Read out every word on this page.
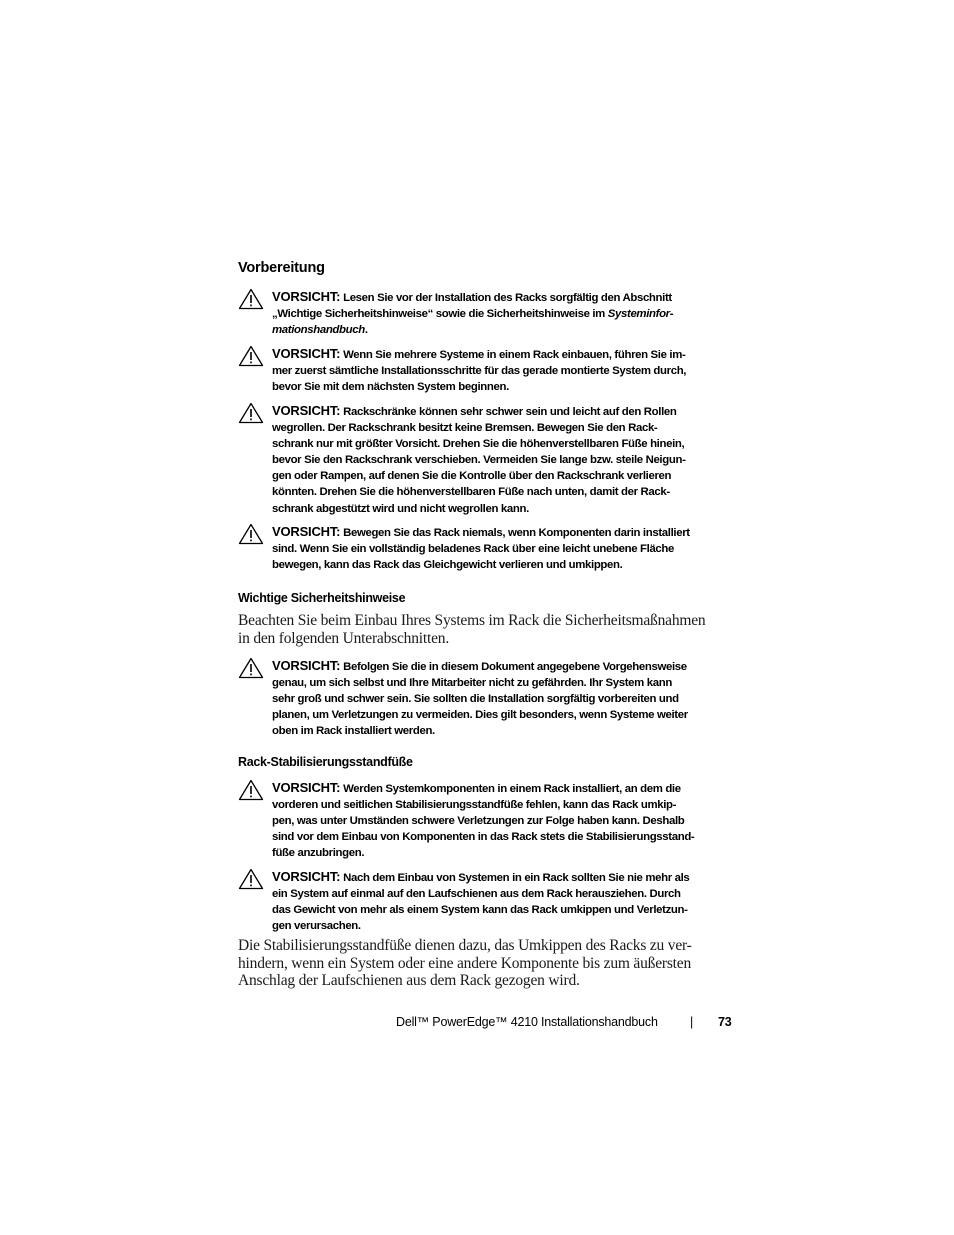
Vorbereitung
VORSICHT: Lesen Sie vor der Installation des Racks sorgfältig den Abschnitt
„Wichtige Sicherheitshinweise“ sowie die Sicherheitshinweise im Systeminfor-
mationshandbuch.
VORSICHT: Wenn Sie mehrere Systeme in einem Rack einbauen, führen Sie im-
mer zuerst sämtliche Installationsschritte für das gerade montierte System durch,
bevor Sie mit dem nächsten System beginnen.
VORSICHT: Rackschränke können sehr schwer sein und leicht auf den Rollen
wegrollen. Der Rackschrank besitzt keine Bremsen. Bewegen Sie den Rack-
schrank nur mit größter Vorsicht. Drehen Sie die höhenverstellbaren Füße hinein,
bevor Sie den Rackschrank verschieben. Vermeiden Sie lange bzw. steile Neigun-
gen oder Rampen, auf denen Sie die Kontrolle über den Rackschrank verlieren
könnten. Drehen Sie die höhenverstellbaren Füße nach unten, damit der Rack-
schrank abgestützt wird und nicht wegrollen kann.
VORSICHT: Bewegen Sie das Rack niemals, wenn Komponenten darin installiert
sind. Wenn Sie ein vollständig beladenes Rack über eine leicht unebene Fläche
bewegen, kann das Rack das Gleichgewicht verlieren und umkippen.
Wichtige Sicherheitshinweise
Beachten Sie beim Einbau Ihres Systems im Rack die Sicherheitsmaßnahmen
in den folgenden Unterabschnitten.
VORSICHT: Befolgen Sie die in diesem Dokument angegebene Vorgehensweise
genau, um sich selbst und Ihre Mitarbeiter nicht zu gefährden. Ihr System kann
sehr groß und schwer sein. Sie sollten die Installation sorgfältig vorbereiten und
planen, um Verletzungen zu vermeiden. Dies gilt besonders, wenn Systeme weiter
oben im Rack installiert werden.
Rack-Stabilisierungsstandfüße
VORSICHT: Werden Systemkomponenten in einem Rack installiert, an dem die
vorderen und seitlichen Stabilisierungsstandfüße fehlen, kann das Rack umkip-
pen, was unter Umständen schwere Verletzungen zur Folge haben kann. Deshalb
sind vor dem Einbau von Komponenten in das Rack stets die Stabilisierungsstand-
füße anzubringen.
VORSICHT: Nach dem Einbau von Systemen in ein Rack sollten Sie nie mehr als
ein System auf einmal auf den Laufschienen aus dem Rack herausziehen. Durch
das Gewicht von mehr als einem System kann das Rack umkippen und Verletzun-
gen verursachen.
Die Stabilisierungsstandfüße dienen dazu, das Umkippen des Racks zu ver-
hindern, wenn ein System oder eine andere Komponente bis zum äußersten
Anschlag der Laufschienen aus dem Rack gezogen wird.
Dell™ PowerEdge™ 4210 Installationshandbuch	| 73
